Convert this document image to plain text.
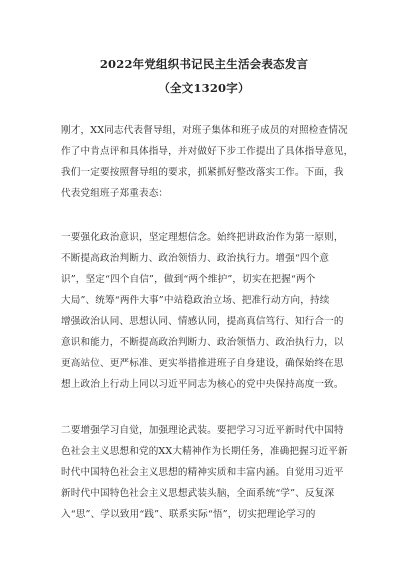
2022年党组织书记民主生活会表态发言
（全文1320字）
刚才，XX同志代表督导组，对班子集体和班子成员的对照检查情况
作了中肯点评和具体指导，并对做好下步工作提出了具体指导意见，
我们一定要按照督导组的要求，抓紧抓好整改落实工作。下面，我
代表党组班子郑重表态：
一要强化政治意识，坚定理想信念。始终把讲政治作为第一原则，
不断提高政治判断力、政治领悟力、政治执行力。增强“四个意
识”，坚定“四个自信”，做到“两个维护”，切实在把握“两个
大局”、统筹“两件大事”中站稳政治立场、把准行动方向，持续
增强政治认同、思想认同、情感认同，提高真信笃行、知行合一的
意识和能力，不断提高政治判断力、政治领悟力、政治执行力，以
更高站位、更严标准、更实举措推进班子自身建设，确保始终在思
想上政治上行动上同以习近平同志为核心的党中央保持高度一致。
二要增强学习自觉，加强理论武装。要把学习习近平新时代中国特
色社会主义思想和党的XX大精神作为长期任务，准确把握习近平新
时代中国特色社会主义思想的精神实质和丰富内涵。自觉用习近平
新时代中国特色社会主义思想武装头脑，全面系统“学”、反复深
入“思”、学以致用“践”、联系实际“悟”，切实把理论学习的
